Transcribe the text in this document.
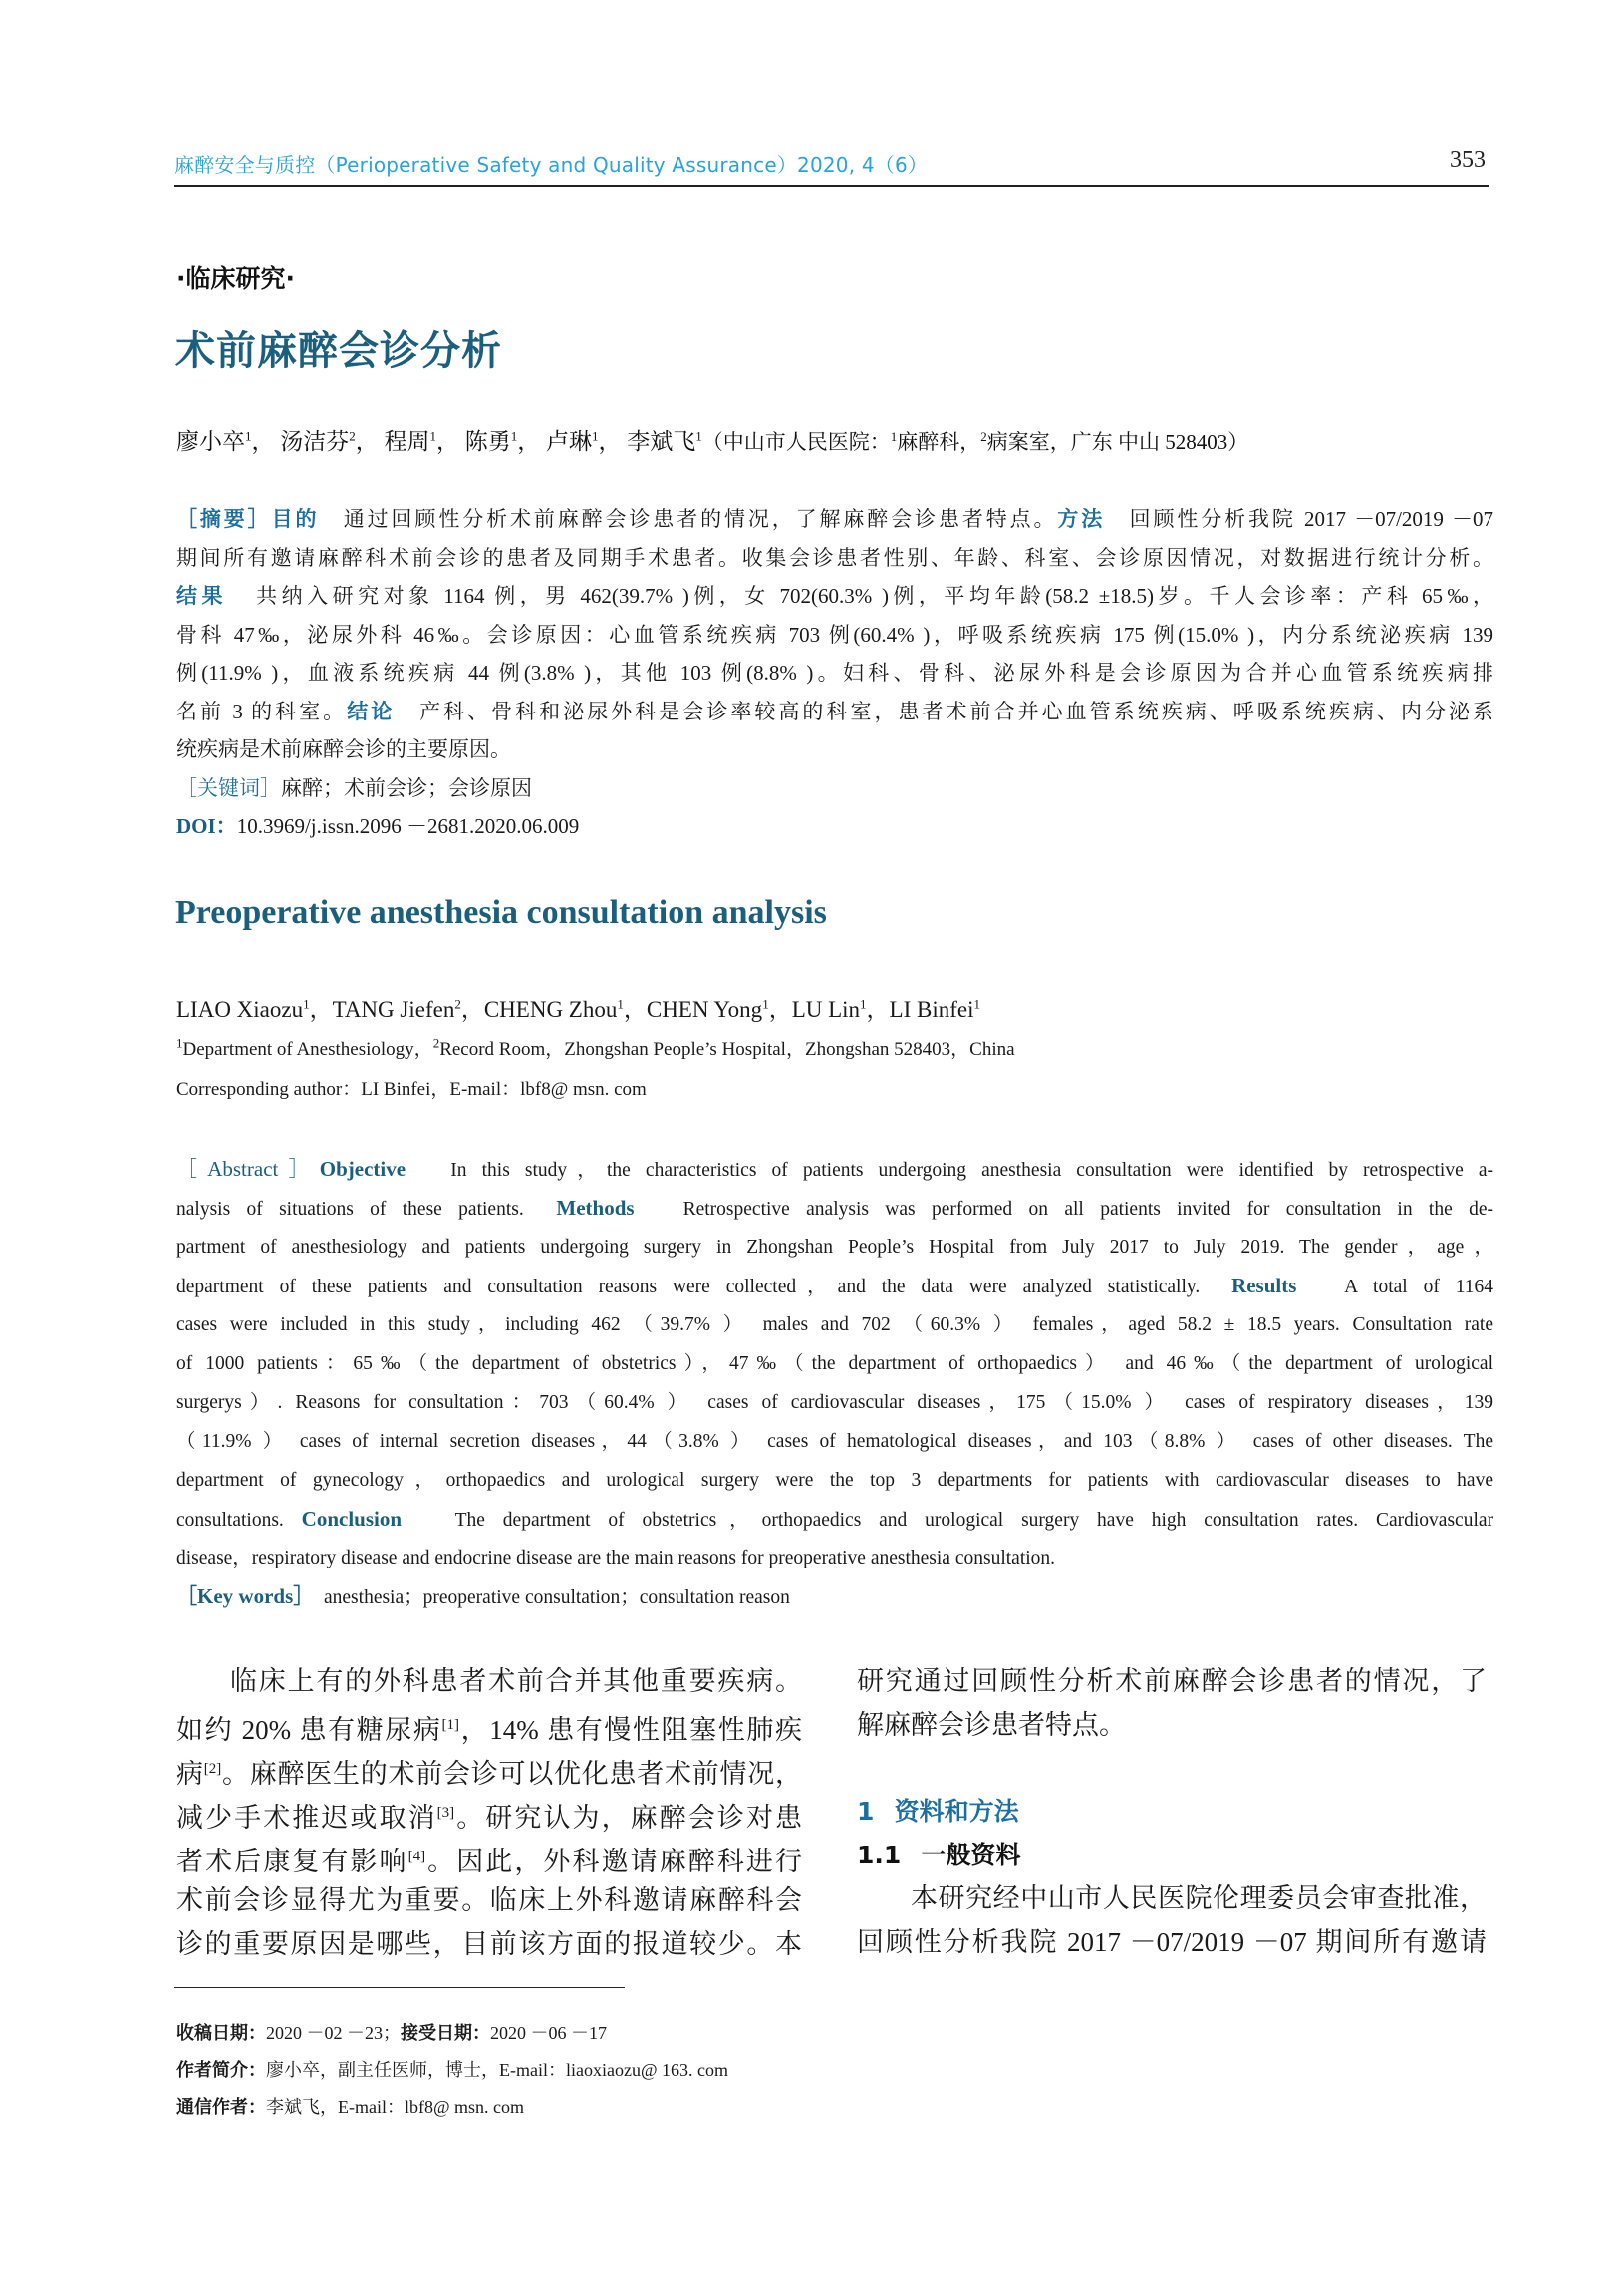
麻醉安全与质控（Perioperative Safety and Quality Assurance）2020, 4（6）	353
·临床研究·
术前麻醉会诊分析
廖小卒$^1$， 汤洁芬$^2$， 程周$^1$， 陈勇$^1$， 卢琳$^1$， 李斌飞$^1$（中山市人民医院：$^1$麻醉科，$^2$病案室，广东 中山 528403）
［摘要］目的 通过回顾性分析术前麻醉会诊患者的情况，了解麻醉会诊患者特点。方法 回顾性分析我院 2017 －07/2019 －07
期间所有邀请麻醉科术前会诊的患者及同期手术患者。收集会诊患者性别、年龄、科室、会诊原因情况，对数据进行统计分析。
结果 共纳入研究对象 1164 例，男 462(39.7% )例，女 702(60.3% )例，平均年龄(58.2 ±18.5)岁。千人会诊率：产科 65‰，
骨科 47‰，泌尿外科 46‰。会诊原因：心血管系统疾病 703 例(60.4% )，呼吸系统疾病 175 例(15.0% )，内分系统泌疾病 139
例(11.9% )，血液系统疾病 44 例(3.8% )，其他 103 例(8.8% )。妇科、骨科、泌尿外科是会诊原因为合并心血管系统疾病排
名前 3 的科室。结论 产科、骨科和泌尿外科是会诊率较高的科室，患者术前合并心血管系统疾病、呼吸系统疾病、内分泌系
统疾病是术前麻醉会诊的主要原因。
［关键词］麻醉；术前会诊；会诊原因
DOI：10.3969/j.issn.2096 －2681.2020.06.009
Preoperative anesthesia consultation analysis
LIAO Xiaozu$^1$，TANG Jiefen$^2$，CHENG Zhou$^1$，CHEN Yong$^1$，LU Lin$^1$，LI Binfei$^1$
$^1$Department of Anesthesiology，$^2$Record Room，Zhongshan People’s Hospital，Zhongshan 528403，China
Corresponding author：LI Binfei，E-mail：lbf8@ msn. com
［Abstract］Objective In this study，the characteristics of patients undergoing anesthesia consultation were identified by retrospective a-
nalysis of situations of these patients. Methods	Retrospective analysis was performed on all patients invited for consultation in the de-
partment of anesthesiology and patients undergoing surgery in Zhongshan People’s Hospital from July 2017 to July 2019. The gender，age，
department of these patients and consultation reasons were collected，and the data were analyzed statistically. Results A total of 1164
cases were included in this study，including 462 （39.7% ） males and 702 （60.3% ） females，aged 58.2 ± 18.5 years. Consultation rate
of 1000 patients：65‰（the department of obstetrics），47‰（the department of orthopaedics） and 46‰（the department of urological
surgerys）. Reasons for consultation：703（60.4% ） cases of cardiovascular diseases，175（15.0% ） cases of respiratory diseases，139
（11.9% ） cases of internal secretion diseases，44（3.8% ） cases of hematological diseases，and 103（8.8% ） cases of other diseases. The
department of gynecology，orthopaedics and urological surgery were the top 3 departments for patients with cardiovascular diseases to have
consultations. Conclusion	The department of obstetrics，orthopaedics and urological surgery have high consultation rates. Cardiovascular
disease，respiratory disease and endocrine disease are the main reasons for preoperative anesthesia consultation.
［Key words］ anesthesia；preoperative consultation；consultation reason
临床上有的外科患者术前合并其他重要疾病。
如约 20% 患有糖尿病[1]，14% 患有慢性阻塞性肺疾
病[2]。麻醉医生的术前会诊可以优化患者术前情况，
减少手术推迟或取消[3]。研究认为，麻醉会诊对患
者术后康复有影响[4]。因此，外科邀请麻醉科进行
术前会诊显得尤为重要。临床上外科邀请麻醉科会
诊的重要原因是哪些，目前该方面的报道较少。本
研究通过回顾性分析术前麻醉会诊患者的情况，了
解麻醉会诊患者特点。
1 资料和方法
1.1 一般资料
本研究经中山市人民医院伦理委员会审查批准，
回顾性分析我院 2017 －07/2019 －07 期间所有邀请
收稿日期：2020 －02 －23；接受日期：2020 －06 －17
作者简介：廖小卒，副主任医师，博士，E-mail：liaoxiaozu@ 163. com
通信作者：李斌飞，E-mail：lbf8@ msn. com
